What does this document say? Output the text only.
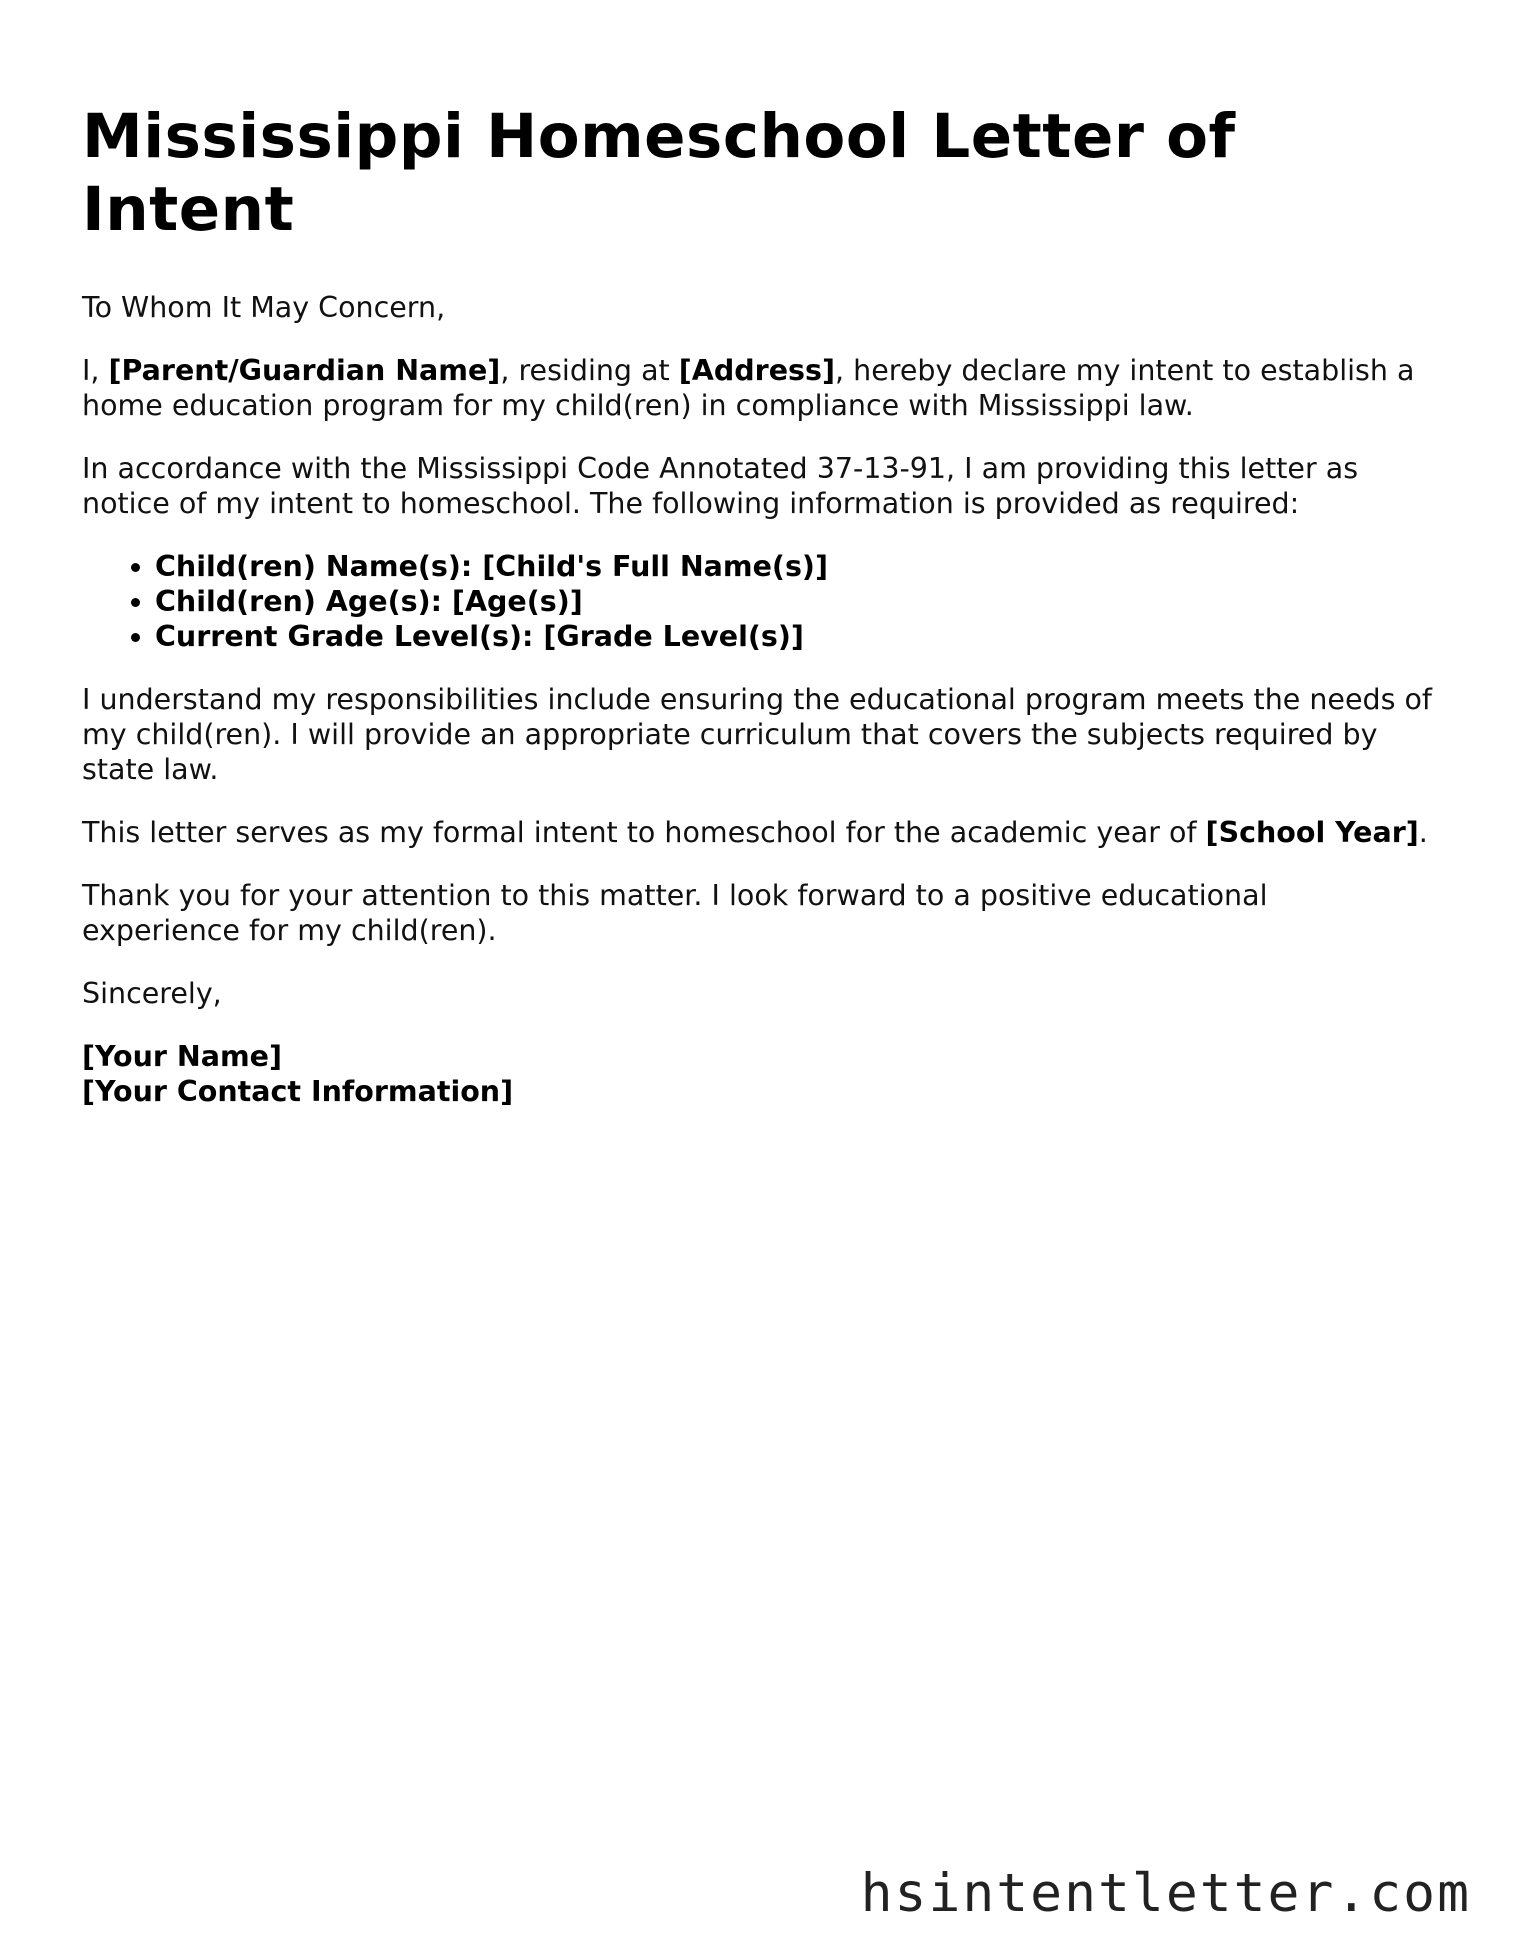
Mississippi Homeschool Letter of Intent

To Whom It May Concern,

I, [Parent/Guardian Name], residing at [Address], hereby declare my intent to establish a home education program for my child(ren) in compliance with Mississippi law.

In accordance with the Mississippi Code Annotated 37-13-91, I am providing this letter as notice of my intent to homeschool. The following information is provided as required:

• Child(ren) Name(s): [Child's Full Name(s)]
• Child(ren) Age(s): [Age(s)]
• Current Grade Level(s): [Grade Level(s)]

I understand my responsibilities include ensuring the educational program meets the needs of my child(ren). I will provide an appropriate curriculum that covers the subjects required by state law.

This letter serves as my formal intent to homeschool for the academic year of [School Year].

Thank you for your attention to this matter. I look forward to a positive educational experience for my child(ren).

Sincerely,

[Your Name]
[Your Contact Information]

hsintentletter.com
